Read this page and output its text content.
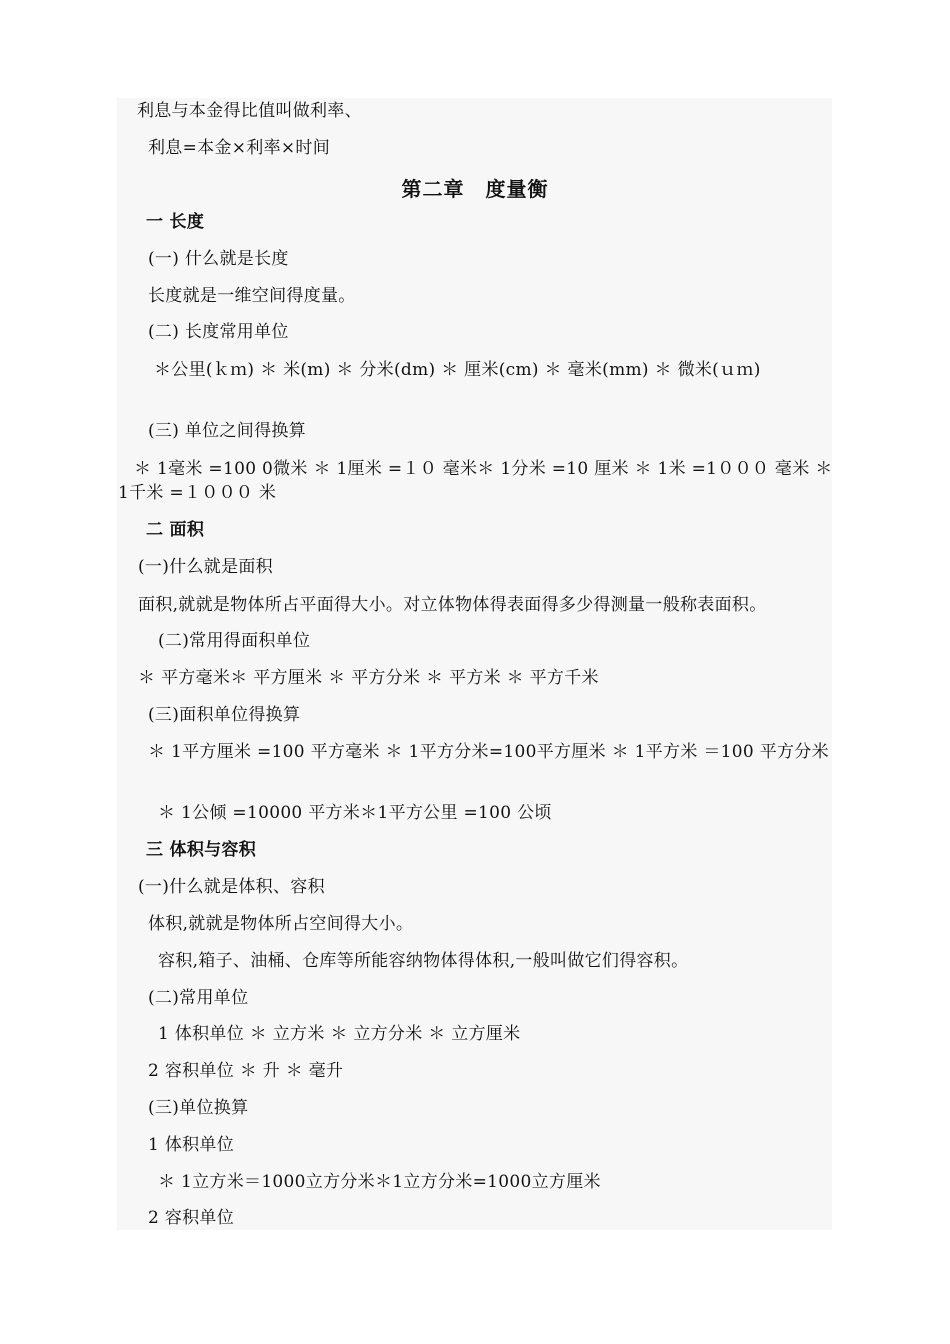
利息与本金得比值叫做利率、
利息=本金×利率×时间
第二章　度量衡
一 长度
(一) 什么就是长度
长度就是一维空间得度量。
(二) 长度常用单位
＊公里(ｋｍ) ＊ 米(m) ＊ 分米(dm) ＊ 厘米(cm) ＊ 毫米(mm) ＊ 微米(ｕｍ)
(三) 单位之间得换算
＊ 1毫米 =100 0微米 ＊ 1厘米 =１０ 毫米＊ 1分米 =10 厘米 ＊ 1米 =1０００ 毫米 ＊ 1千米 =１０００ 米
二 面积
(一)什么就是面积
面积,就就是物体所占平面得大小。对立体物体得表面得多少得测量一般称表面积。
(二)常用得面积单位
＊ 平方毫米＊ 平方厘米 ＊ 平方分米 ＊ 平方米 ＊ 平方千米
(三)面积单位得换算
＊ 1平方厘米 =100 平方毫米 ＊ 1平方分米=100平方厘米 ＊ 1平方米 ＝100 平方分米
＊ 1公倾 =10000 平方米＊1平方公里 =100 公顷
三 体积与容积
(一)什么就是体积、容积
体积,就就是物体所占空间得大小。
容积,箱子、油桶、仓库等所能容纳物体得体积,一般叫做它们得容积。
(二)常用单位
1 体积单位 ＊ 立方米 ＊ 立方分米 ＊ 立方厘米
2 容积单位 ＊ 升 ＊ 毫升
(三)单位换算
1 体积单位
＊ 1立方米＝1000立方分米＊1立方分米=1000立方厘米
2 容积单位
